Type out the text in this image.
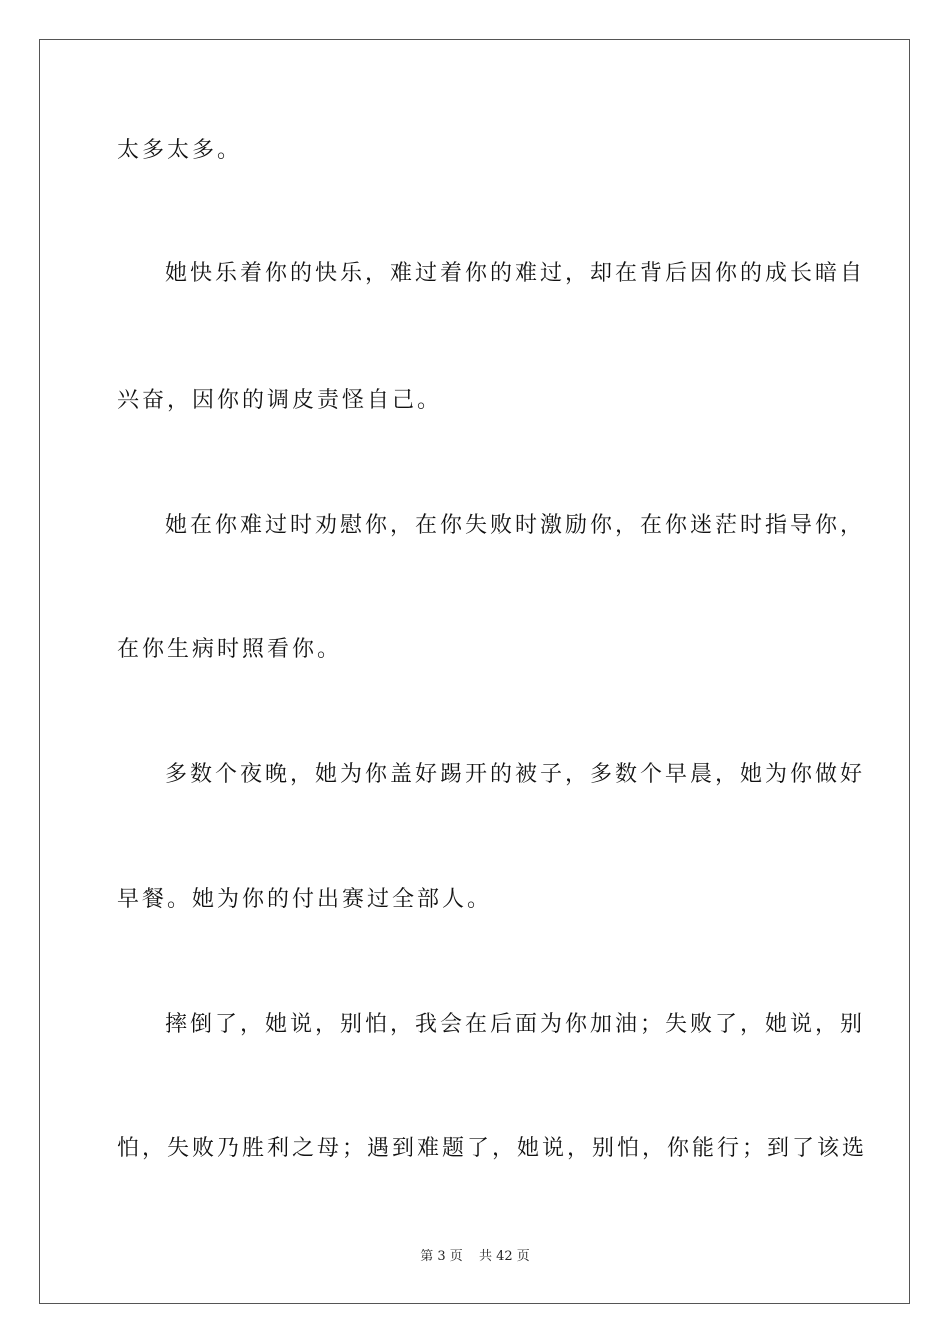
太多太多。
她快乐着你的快乐，难过着你的难过，却在背后因你的成长暗自
兴奋，因你的调皮责怪自己。
她在你难过时劝慰你，在你失败时激励你，在你迷茫时指导你，
在你生病时照看你。
多数个夜晚，她为你盖好踢开的被子，多数个早晨，她为你做好
早餐。她为你的付出赛过全部人。
摔倒了，她说，别怕，我会在后面为你加油；失败了，她说，别
怕，失败乃胜利之母；遇到难题了，她说，别怕，你能行；到了该选
第 3 页 共 42 页
